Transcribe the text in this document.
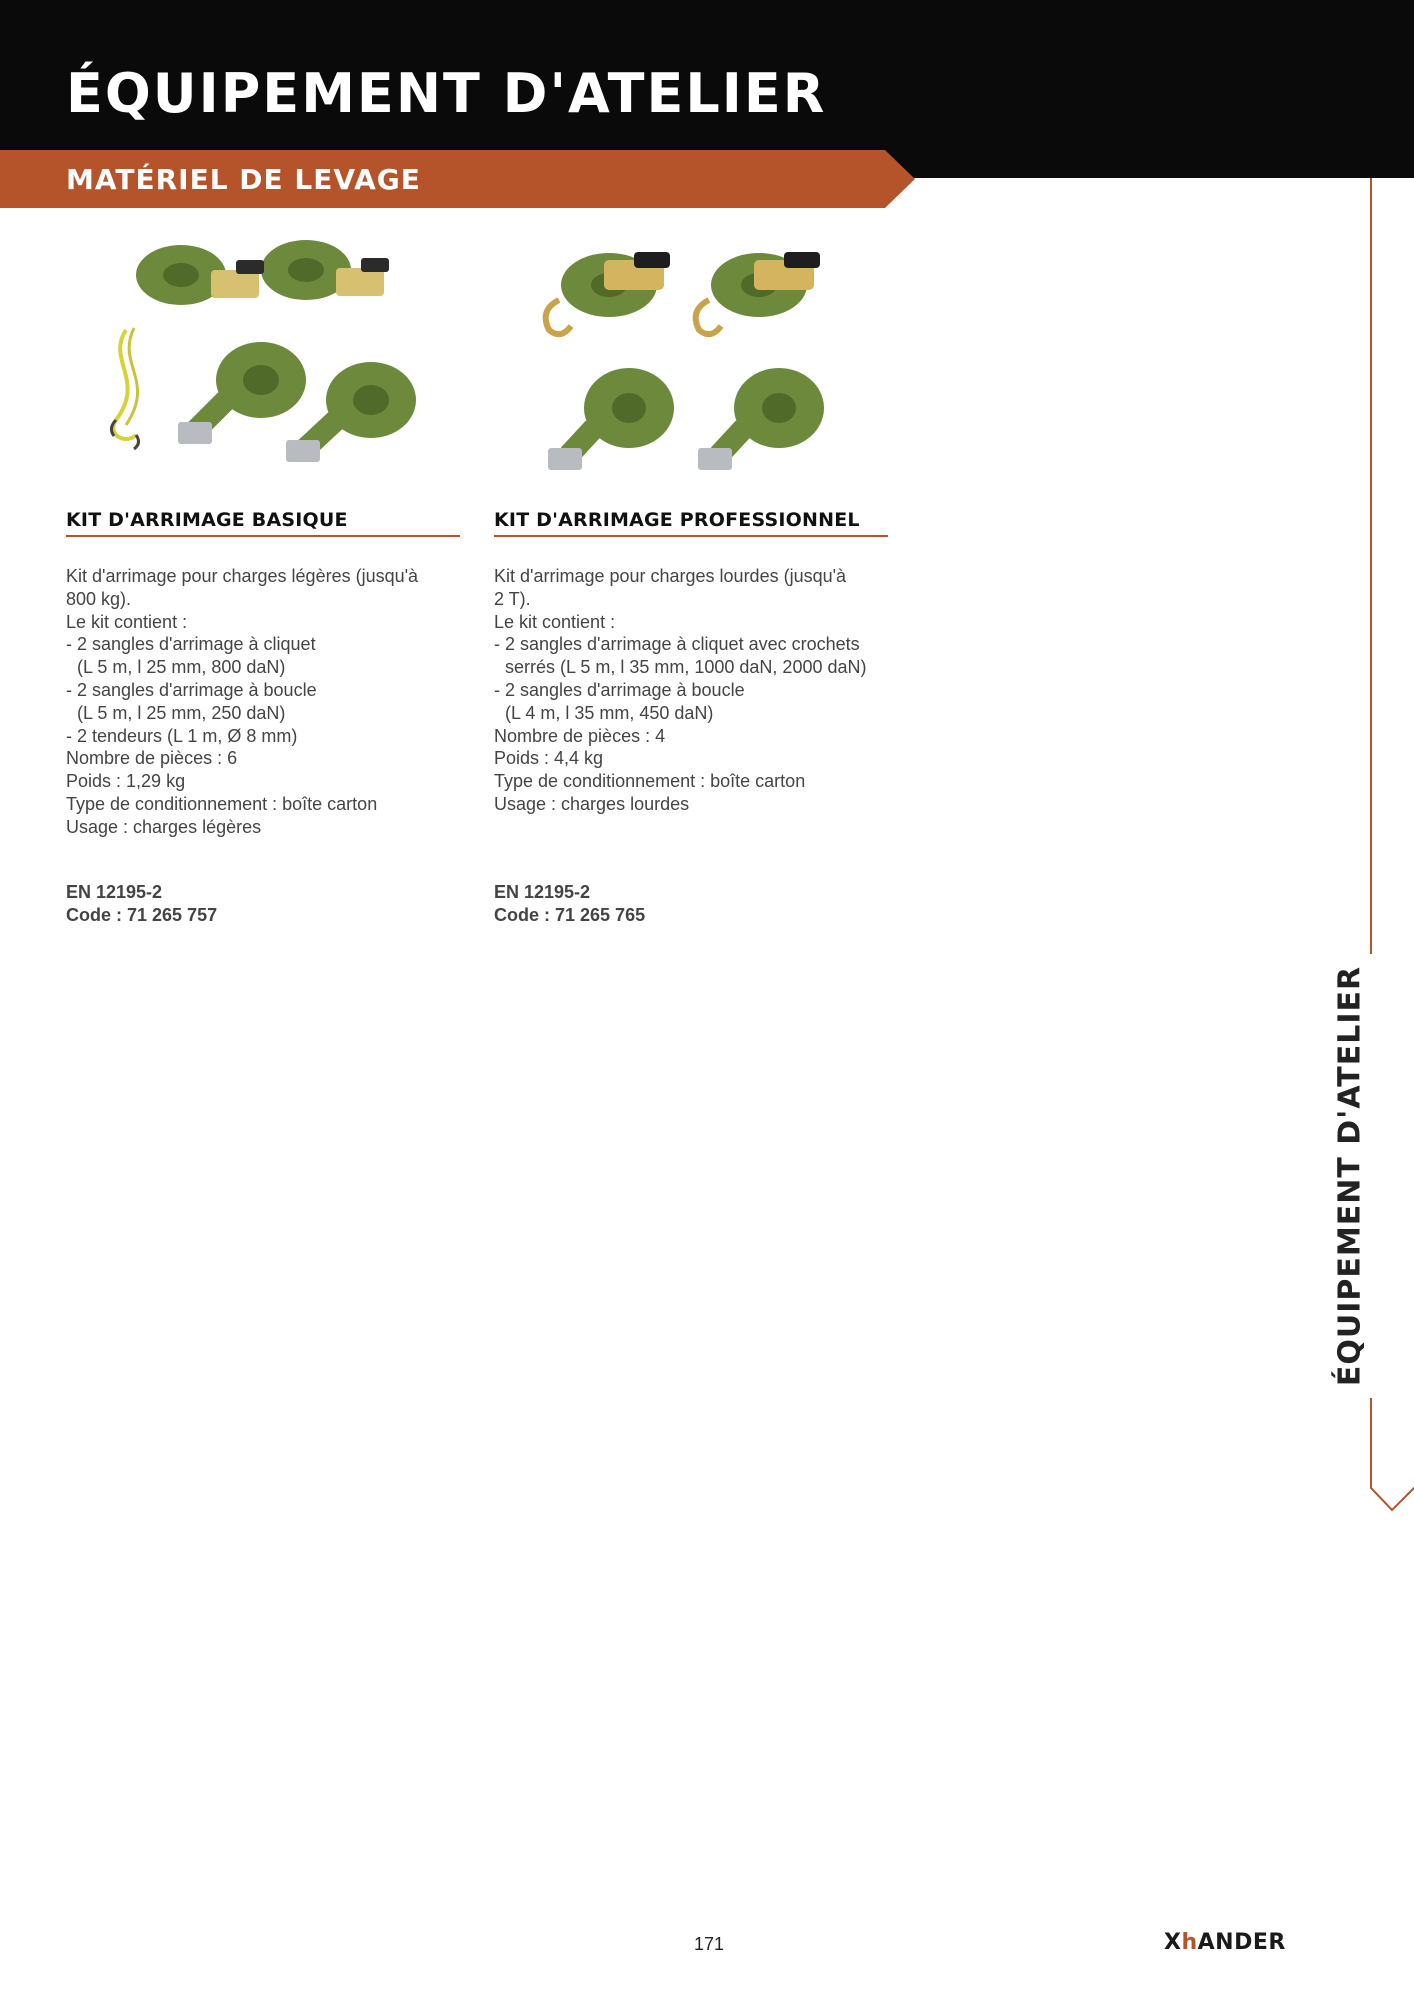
ÉQUIPEMENT D'ATELIER
MATÉRIEL DE LEVAGE
KIT D'ARRIMAGE BASIQUE
Kit d'arrimage pour charges légères (jusqu'à
800 kg).
Le kit contient :
- 2 sangles d'arrimage à cliquet
(L 5 m, l 25 mm, 800 daN)
- 2 sangles d'arrimage à boucle
(L 5 m, l 25 mm, 250 daN)
- 2 tendeurs (L 1 m, Ø 8 mm)
Nombre de pièces : 6
Poids : 1,29 kg
Type de conditionnement : boîte carton
Usage : charges légères
EN 12195-2
Code : 71 265 757
KIT D'ARRIMAGE PROFESSIONNEL
Kit d'arrimage pour charges lourdes (jusqu'à
2 T).
Le kit contient :
- 2 sangles d'arrimage à cliquet avec crochets
serrés (L 5 m, l 35 mm, 1000 daN, 2000 daN)
- 2 sangles d'arrimage à boucle
(L 4 m, l 35 mm, 450 daN)
Nombre de pièces : 4
Poids : 4,4 kg
Type de conditionnement : boîte carton
Usage : charges lourdes
EN 12195-2
Code : 71 265 765
ÉQUIPEMENT D'ATELIER
171	XhANDER
